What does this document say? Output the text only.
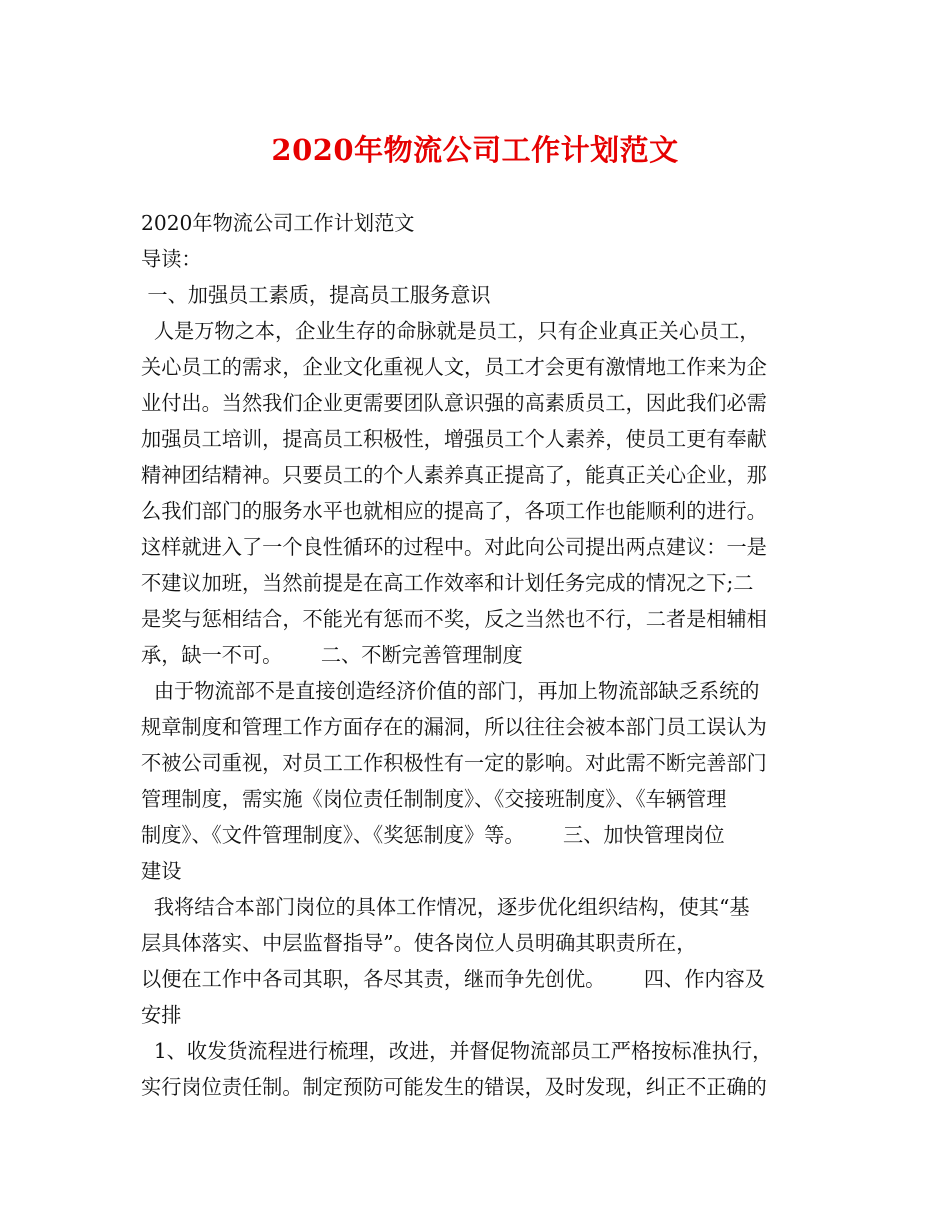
2020年物流公司工作计划范文
2020年物流公司工作计划范文
导读：
一、加强员工素质，提高员工服务意识
人是万物之本，企业生存的命脉就是员工，只有企业真正关心员工，
关心员工的需求，企业文化重视人文，员工才会更有激情地工作来为企
业付出。当然我们企业更需要团队意识强的高素质员工，因此我们必需
加强员工培训，提高员工积极性，增强员工个人素养，使员工更有奉献
精神团结精神。只要员工的个人素养真正提高了，能真正关心企业，那
么我们部门的服务水平也就相应的提高了，各项工作也能顺利的进行。
这样就进入了一个良性循环的过程中。对此向公司提出两点建议：一是
不建议加班，当然前提是在高工作效率和计划任务完成的情况之下;二
是奖与惩相结合，不能光有惩而不奖，反之当然也不行，二者是相辅相
承，缺一不可。      二、不断完善管理制度
由于物流部不是直接创造经济价值的部门，再加上物流部缺乏系统的
规章制度和管理工作方面存在的漏洞，所以往往会被本部门员工误认为
不被公司重视，对员工工作积极性有一定的影响。对此需不断完善部门
管理制度，需实施《岗位责任制制度》、《交接班制度》、《车辆管理
制度》、《文件管理制度》、《奖惩制度》等。      三、加快管理岗位
建设
我将结合本部门岗位的具体工作情况，逐步优化组织结构，使其“基
层具体落实、中层监督指导”。使各岗位人员明确其职责所在，
以便在工作中各司其职，各尽其责，继而争先创优。      四、作内容及
安排
1、收发货流程进行梳理，改进，并督促物流部员工严格按标准执行，
实行岗位责任制。制定预防可能发生的错误，及时发现，纠正不正确的
